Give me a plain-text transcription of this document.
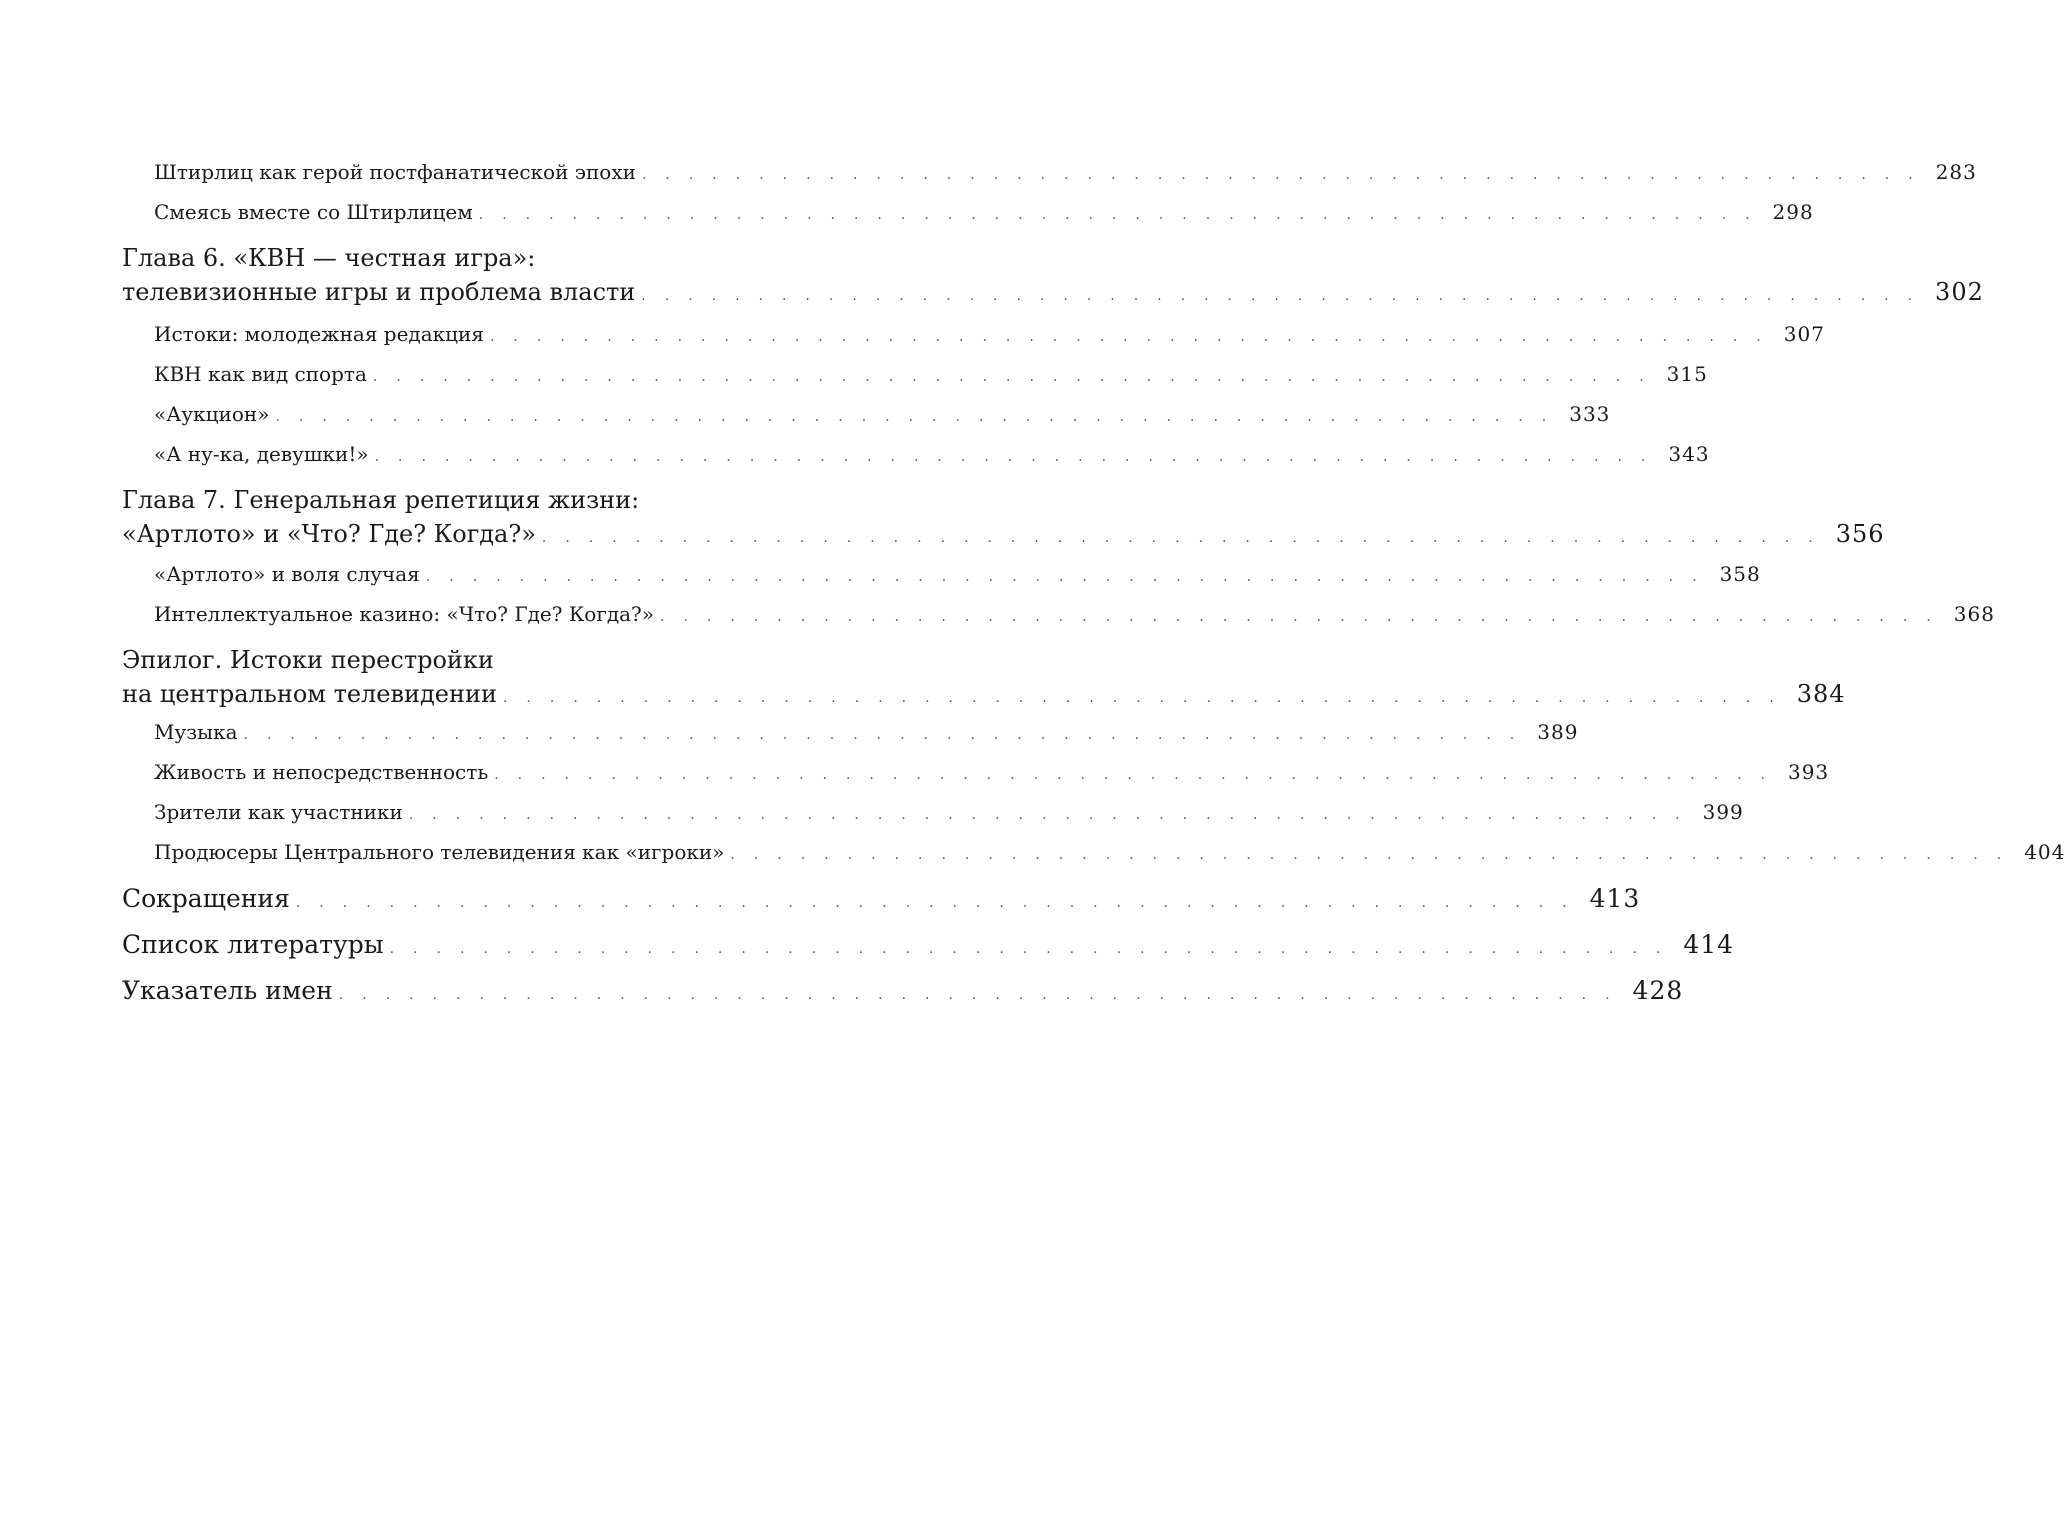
Штирлиц как герой постфанатической эпохи ....................................................... 283
Смеясь вместе со Штирлицем ....................................................... 298
Глава 6. «КВН — честная игра»:
телевизионные игры и проблема власти ....................................................... 302
Истоки: молодежная редакция ....................................................... 307
КВН как вид спорта ....................................................... 315
«Аукцион» ....................................................... 333
«А ну-ка, девушки!» ....................................................... 343
Глава 7. Генеральная репетиция жизни:
«Артлото» и «Что? Где? Когда?» ....................................................... 356
«Артлото» и воля случая ....................................................... 358
Интеллектуальное казино: «Что? Где? Когда?» ....................................................... 368
Эпилог. Истоки перестройки
на центральном телевидении ....................................................... 384
Музыка ....................................................... 389
Живость и непосредственность ....................................................... 393
Зрители как участники ....................................................... 399
Продюсеры Центрального телевидения как «игроки» ....................................................... 404
Сокращения ....................................................... 413
Список литературы ....................................................... 414
Указатель имен ....................................................... 428
